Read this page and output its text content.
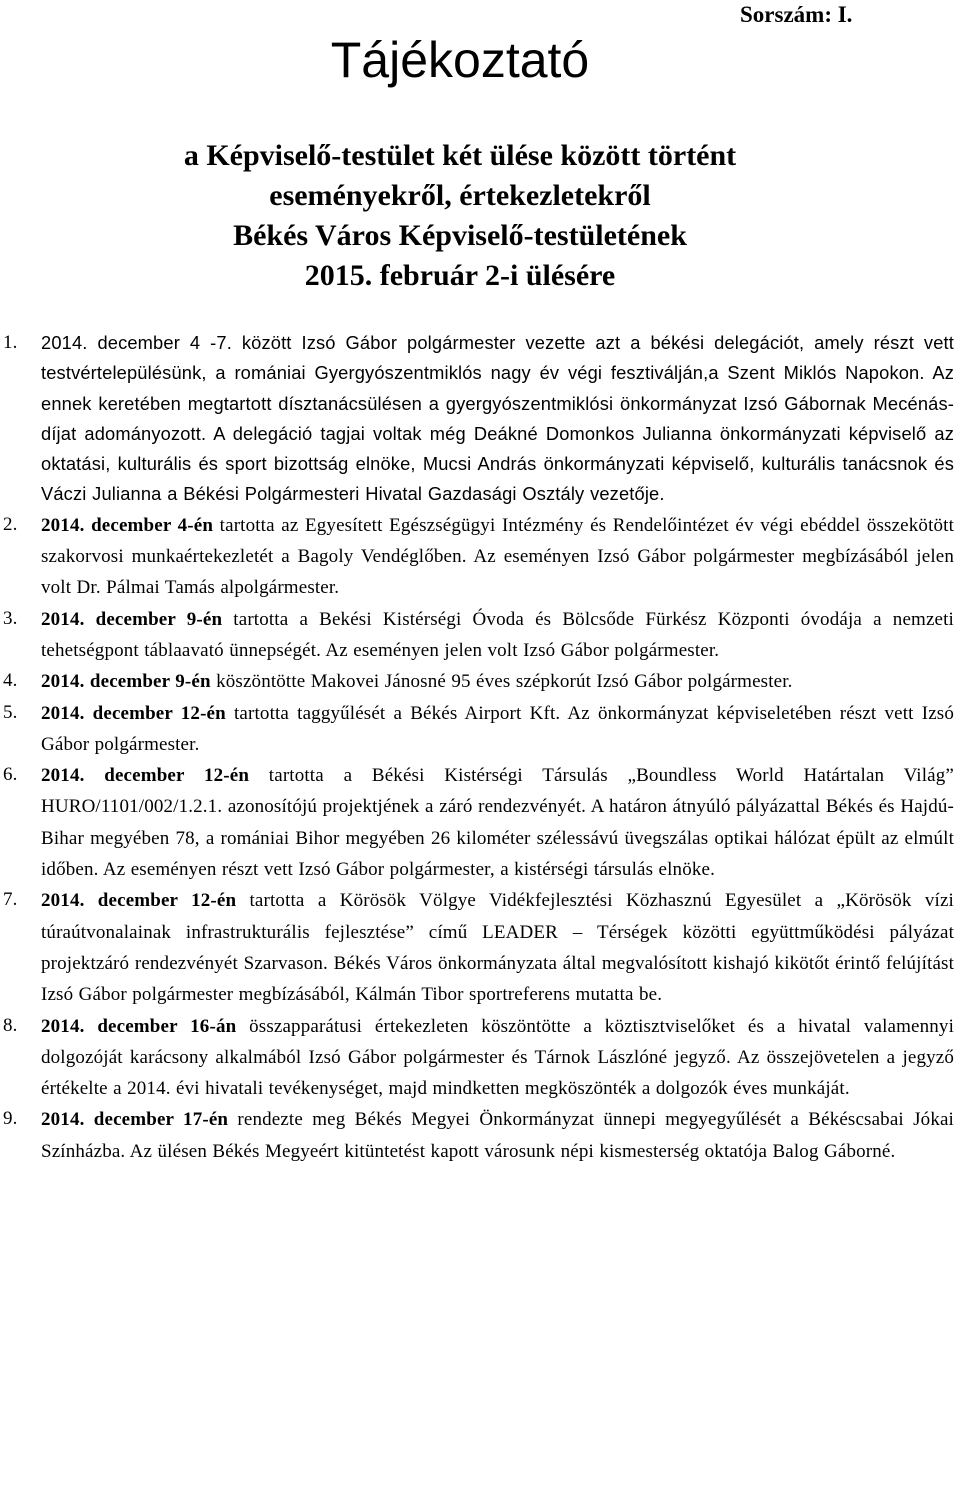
Sorszám: I.
Tájékoztató
a Képviselő-testület két ülése között történt
eseményekről, értekezletekről
Békés Város Képviselő-testületének
2015. február 2-i ülésére
1. 2014. december 4 -7. között Izsó Gábor polgármester vezette azt a békési delegációt, amely részt vett testvértelepülésünk, a romániai Gyergyószentmiklós nagy év végi fesztiválján,a Szent Miklós Napokon. Az ennek keretében megtartott dísztanácsülésen a gyergyószentmiklósi önkormányzat Izsó Gábornak Mecénás-díjat adományozott. A delegáció tagjai voltak még Deákné Domonkos Julianna önkormányzati képviselő az oktatási, kulturális és sport bizottság elnöke, Mucsi András önkormányzati képviselő, kulturális tanácsnok és Váczi Julianna a Békési Polgármesteri Hivatal Gazdasági Osztály vezetője.
2. 2014. december 4-én tartotta az Egyesített Egészségügyi Intézmény és Rendelőintézet év végi ebéddel összekötött szakorvosi munkaértekezletét a Bagoly Vendéglőben. Az eseményen Izsó Gábor polgármester megbízásából jelen volt Dr. Pálmai Tamás alpolgármester.
3. 2014. december 9-én tartotta a Bekési Kistérségi Óvoda és Bölcsőde Fürkész Központi óvodája a nemzeti tehetségpont táblaavató ünnepségét. Az eseményen jelen volt Izsó Gábor polgármester.
4. 2014. december 9-én köszöntötte Makovei Jánosné 95 éves szépkorút Izsó Gábor polgármester.
5. 2014. december 12-én tartotta taggyűlését a Békés Airport Kft. Az önkormányzat képviseletében részt vett Izsó Gábor polgármester.
6. 2014. december 12-én tartotta a Békési Kistérségi Társulás „Boundless World Határtalan Világ” HURO/1101/002/1.2.1. azonosítójú projektjének a záró rendezvényét. A határon átnyúló pályázattal Békés és Hajdú-Bihar megyében 78, a romániai Bihor megyében 26 kilométer szélessávú üvegszálas optikai hálózat épült az elmúlt időben. Az eseményen részt vett Izsó Gábor polgármester, a kistérségi társulás elnöke.
7. 2014. december 12-én tartotta a Körösök Völgye Vidékfejlesztési Közhasznú Egyesület a „Körösök vízi túraútvonalainak infrastrukturális fejlesztése” című LEADER – Térségek közötti együttműködési pályázat projektzáró rendezvényét Szarvason. Békés Város önkormányzata által megvalósított kishajó kikötőt érintő felújítást Izsó Gábor polgármester megbízásából, Kálmán Tibor sportreferens mutatta be.
8. 2014. december 16-án összapparátusi értekezleten köszöntötte a köztisztviselőket és a hivatal valamennyi dolgozóját karácsony alkalmából Izsó Gábor polgármester és Tárnok Lászlóné jegyző. Az összejövetelen a jegyző értékelte a 2014. évi hivatali tevékenységet, majd mindketten megköszönték a dolgozók éves munkáját.
9. 2014. december 17-én rendezte meg Békés Megyei Önkormányzat ünnepi megyegyűlését a Békéscsabai Jókai Színházba. Az ülésen Békés Megyeért kitüntetést kapott városunk népi kismesterség oktatója Balog Gáborné.
